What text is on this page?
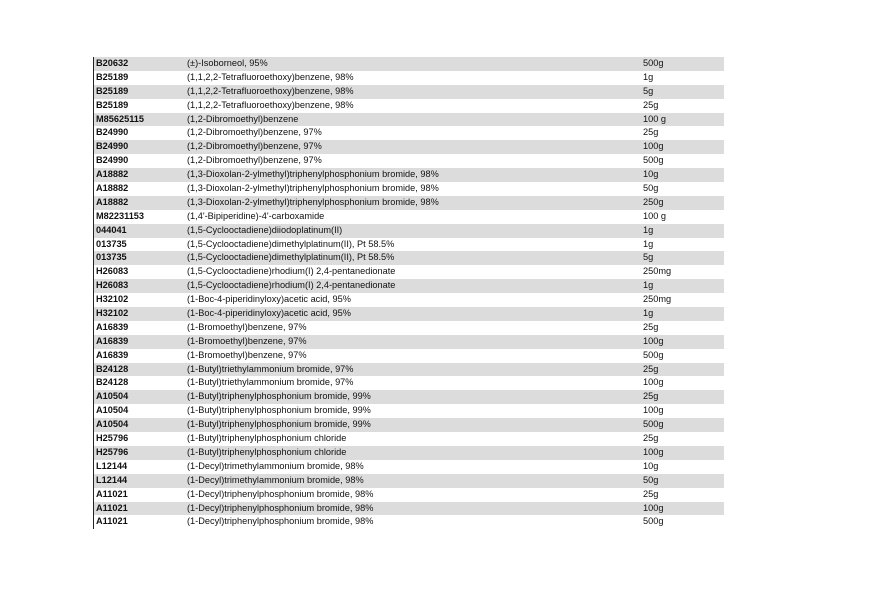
B20632	(±)-Isoborneol, 95%	500g
B25189	(1,1,2,2-Tetrafluoroethoxy)benzene, 98%	1g
B25189	(1,1,2,2-Tetrafluoroethoxy)benzene, 98%	5g
B25189	(1,1,2,2-Tetrafluoroethoxy)benzene, 98%	25g
M85625115	(1,2-Dibromoethyl)benzene	100 g
B24990	(1,2-Dibromoethyl)benzene, 97%	25g
B24990	(1,2-Dibromoethyl)benzene, 97%	100g
B24990	(1,2-Dibromoethyl)benzene, 97%	500g
A18882	(1,3-Dioxolan-2-ylmethyl)triphenylphosphonium bromide, 98%	10g
A18882	(1,3-Dioxolan-2-ylmethyl)triphenylphosphonium bromide, 98%	50g
A18882	(1,3-Dioxolan-2-ylmethyl)triphenylphosphonium bromide, 98%	250g
M82231153	(1,4'-Bipiperidine)-4'-carboxamide	100 g
044041	(1,5-Cyclooctadiene)diiodoplatinum(II)	1g
013735	(1,5-Cyclooctadiene)dimethylplatinum(II), Pt 58.5%	1g
013735	(1,5-Cyclooctadiene)dimethylplatinum(II), Pt 58.5%	5g
H26083	(1,5-Cyclooctadiene)rhodium(I) 2,4-pentanedionate	250mg
H26083	(1,5-Cyclooctadiene)rhodium(I) 2,4-pentanedionate	1g
H32102	(1-Boc-4-piperidinyloxy)acetic acid, 95%	250mg
H32102	(1-Boc-4-piperidinyloxy)acetic acid, 95%	1g
A16839	(1-Bromoethyl)benzene, 97%	25g
A16839	(1-Bromoethyl)benzene, 97%	100g
A16839	(1-Bromoethyl)benzene, 97%	500g
B24128	(1-Butyl)triethylammonium bromide, 97%	25g
B24128	(1-Butyl)triethylammonium bromide, 97%	100g
A10504	(1-Butyl)triphenylphosphonium bromide, 99%	25g
A10504	(1-Butyl)triphenylphosphonium bromide, 99%	100g
A10504	(1-Butyl)triphenylphosphonium bromide, 99%	500g
H25796	(1-Butyl)triphenylphosphonium chloride	25g
H25796	(1-Butyl)triphenylphosphonium chloride	100g
L12144	(1-Decyl)trimethylammonium bromide, 98%	10g
L12144	(1-Decyl)trimethylammonium bromide, 98%	50g
A11021	(1-Decyl)triphenylphosphonium bromide, 98%	25g
A11021	(1-Decyl)triphenylphosphonium bromide, 98%	100g
A11021	(1-Decyl)triphenylphosphonium bromide, 98%	500g
